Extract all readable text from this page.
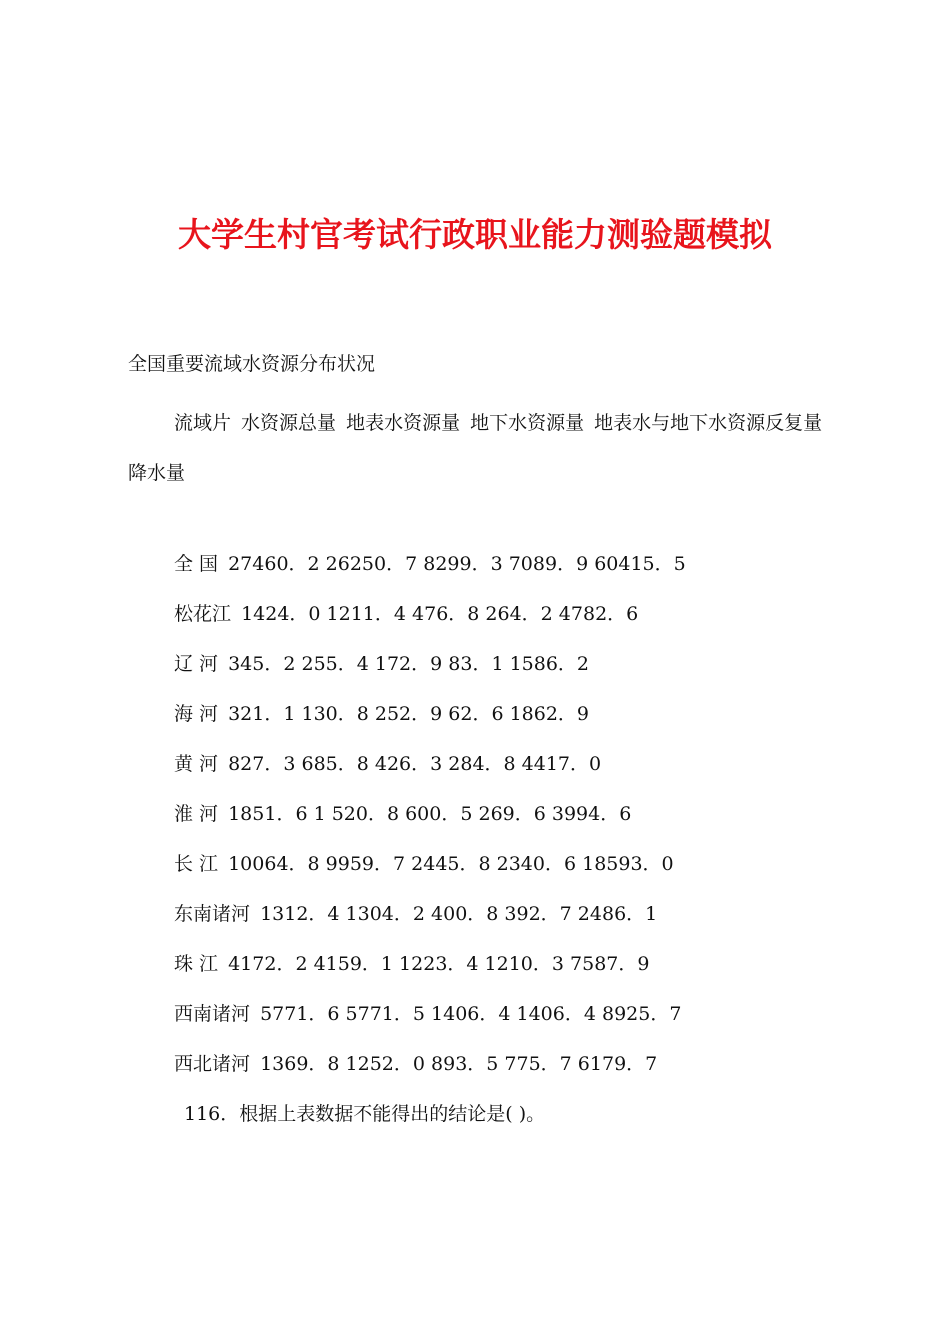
大学生村官考试行政职业能力测验题模拟
全国重要流域水资源分布状况
流域片 水资源总量 地表水资源量 地下水资源量 地表水与地下水资源反复量 降水量
全 国 27460．2 26250．7 8299．3 7089．9 60415．5
松花江 1424．0 1211．4 476．8 264．2 4782．6
辽 河 345．2 255．4 172．9 83．1 1586．2
海 河 321．1 130．8 252．9 62．6 1862．9
黄 河 827．3 685．8 426．3 284．8 4417．0
淮 河 1851．6 1 520．8 600．5 269．6 3994．6
长 江 10064．8 9959．7 2445．8 2340．6 18593．0
东南诸河 1312．4 1304．2 400．8 392．7 2486．1
珠 江 4172．2 4159．1 1223．4 1210．3 7587．9
西南诸河 5771．6 5771．5 1406．4 1406．4 8925．7
西北诸河 1369．8 1252．0 893．5 775．7 6179．7
116．根据上表数据不能得出的结论是( )。
